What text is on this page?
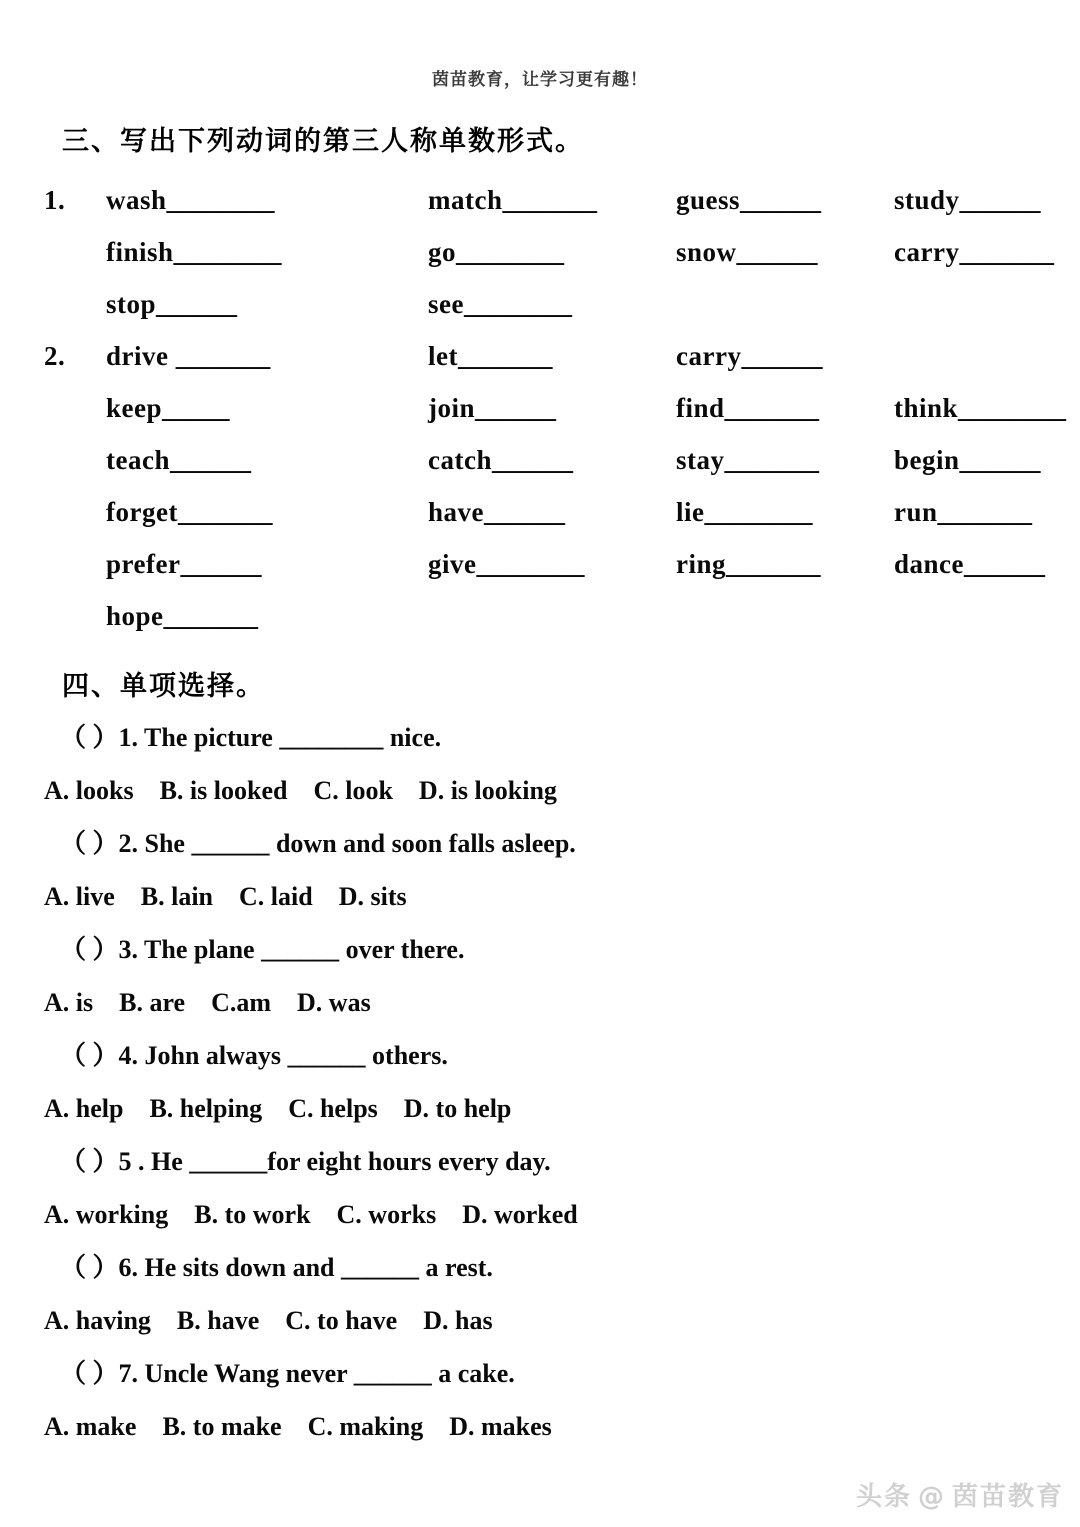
茵苗教育，让学习更有趣！
三、写出下列动词的第三人称单数形式。
1. wash________	match_______	guess______	study______
finish________	go________	snow______	carry_______
stop______	see________
2. drive _______	let_______	carry______
keep_____	join______	find_______	think________
teach______	catch______	stay_______	begin______
forget_______	have______	lie________	run_______
prefer______	give________	ring_______	dance______
hope_______
四、单项选择。
（ ）1. The picture ________ nice.
A. looks B. is looked C. look D. is looking
（ ）2. She ______ down and soon falls asleep.
A. live B. lain C. laid D. sits
（ ）3. The plane ______ over there.
A. is B. are C.am D. was
（ ）4. John always ______ others.
A. help B. helping C. helps D. to help
（ ）5 . He ______for eight hours every day.
A. working B. to work C. works D. worked
（ ）6. He sits down and ______ a rest.
A. having B. have C. to have D. has
（ ）7. Uncle Wang never ______ a cake.
A. make B. to make C. making D. makes
头条 @ 茵苗教育
